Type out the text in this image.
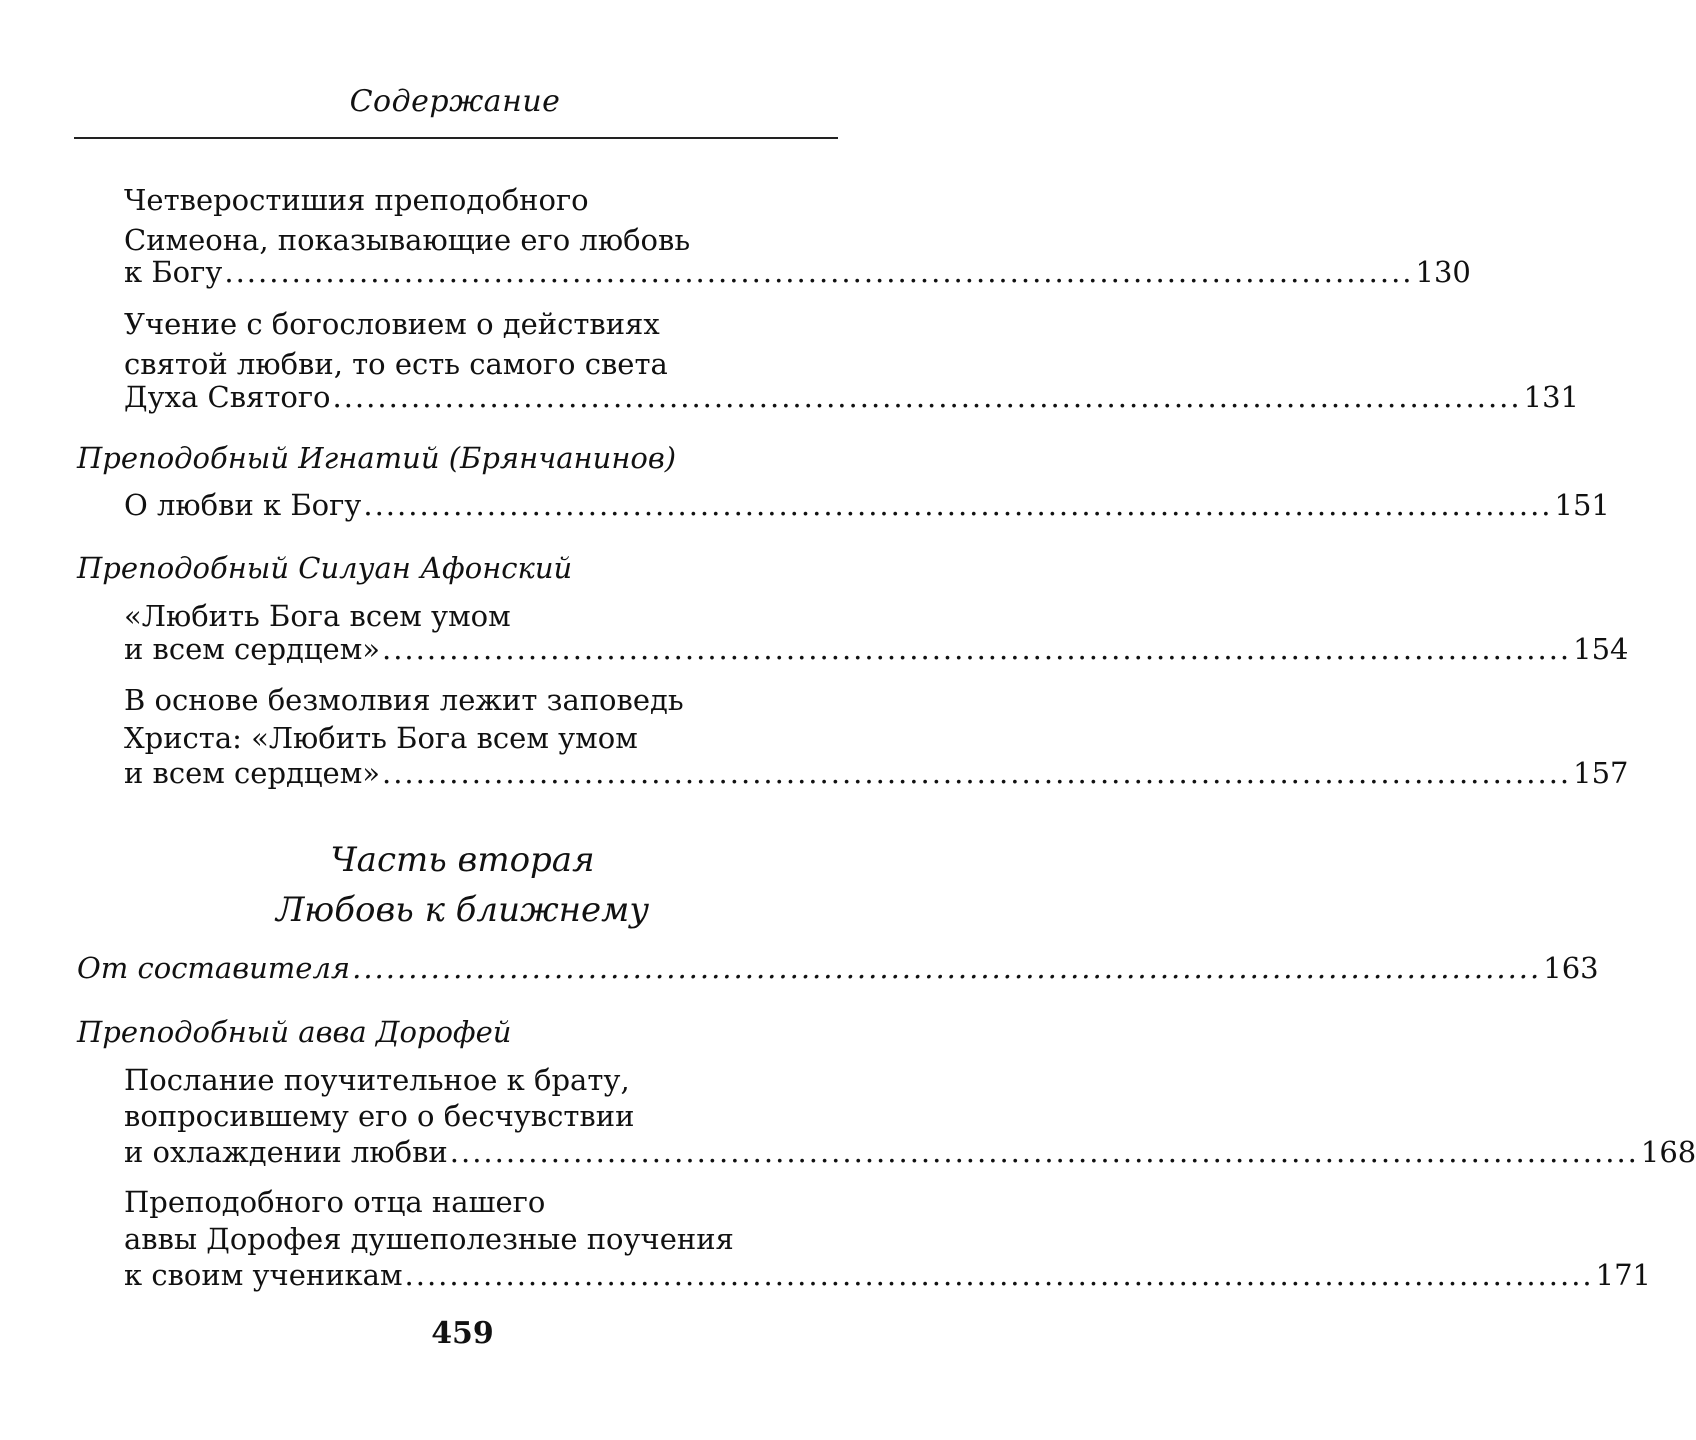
Содержание
Четверостишия преподобного
Симеона, показывающие его любовь
к Богу .......................................................................................................... 130
Учение с богословием о действиях
святой любви, то есть самого света
Духа Святого .......................................................................................................... 131
Преподобный Игнатий (Брянчанинов)
О любви к Богу .......................................................................................................... 151
Преподобный Силуан Афонский
«Любить Бога всем умом
и всем сердцем» .......................................................................................................... 154
В основе безмолвия лежит заповедь
Христа: «Любить Бога всем умом
и всем сердцем» .......................................................................................................... 157
Часть вторая
Любовь к ближнему
От составителя .......................................................................................................... 163
Преподобный авва Дорофей
Послание поучительное к брату,
вопросившему его о бесчувствии
и охлаждении любви .......................................................................................................... 168
Преподобного отца нашего
аввы Дорофея душеполезные поучения
к своим ученикам .......................................................................................................... 171
459
